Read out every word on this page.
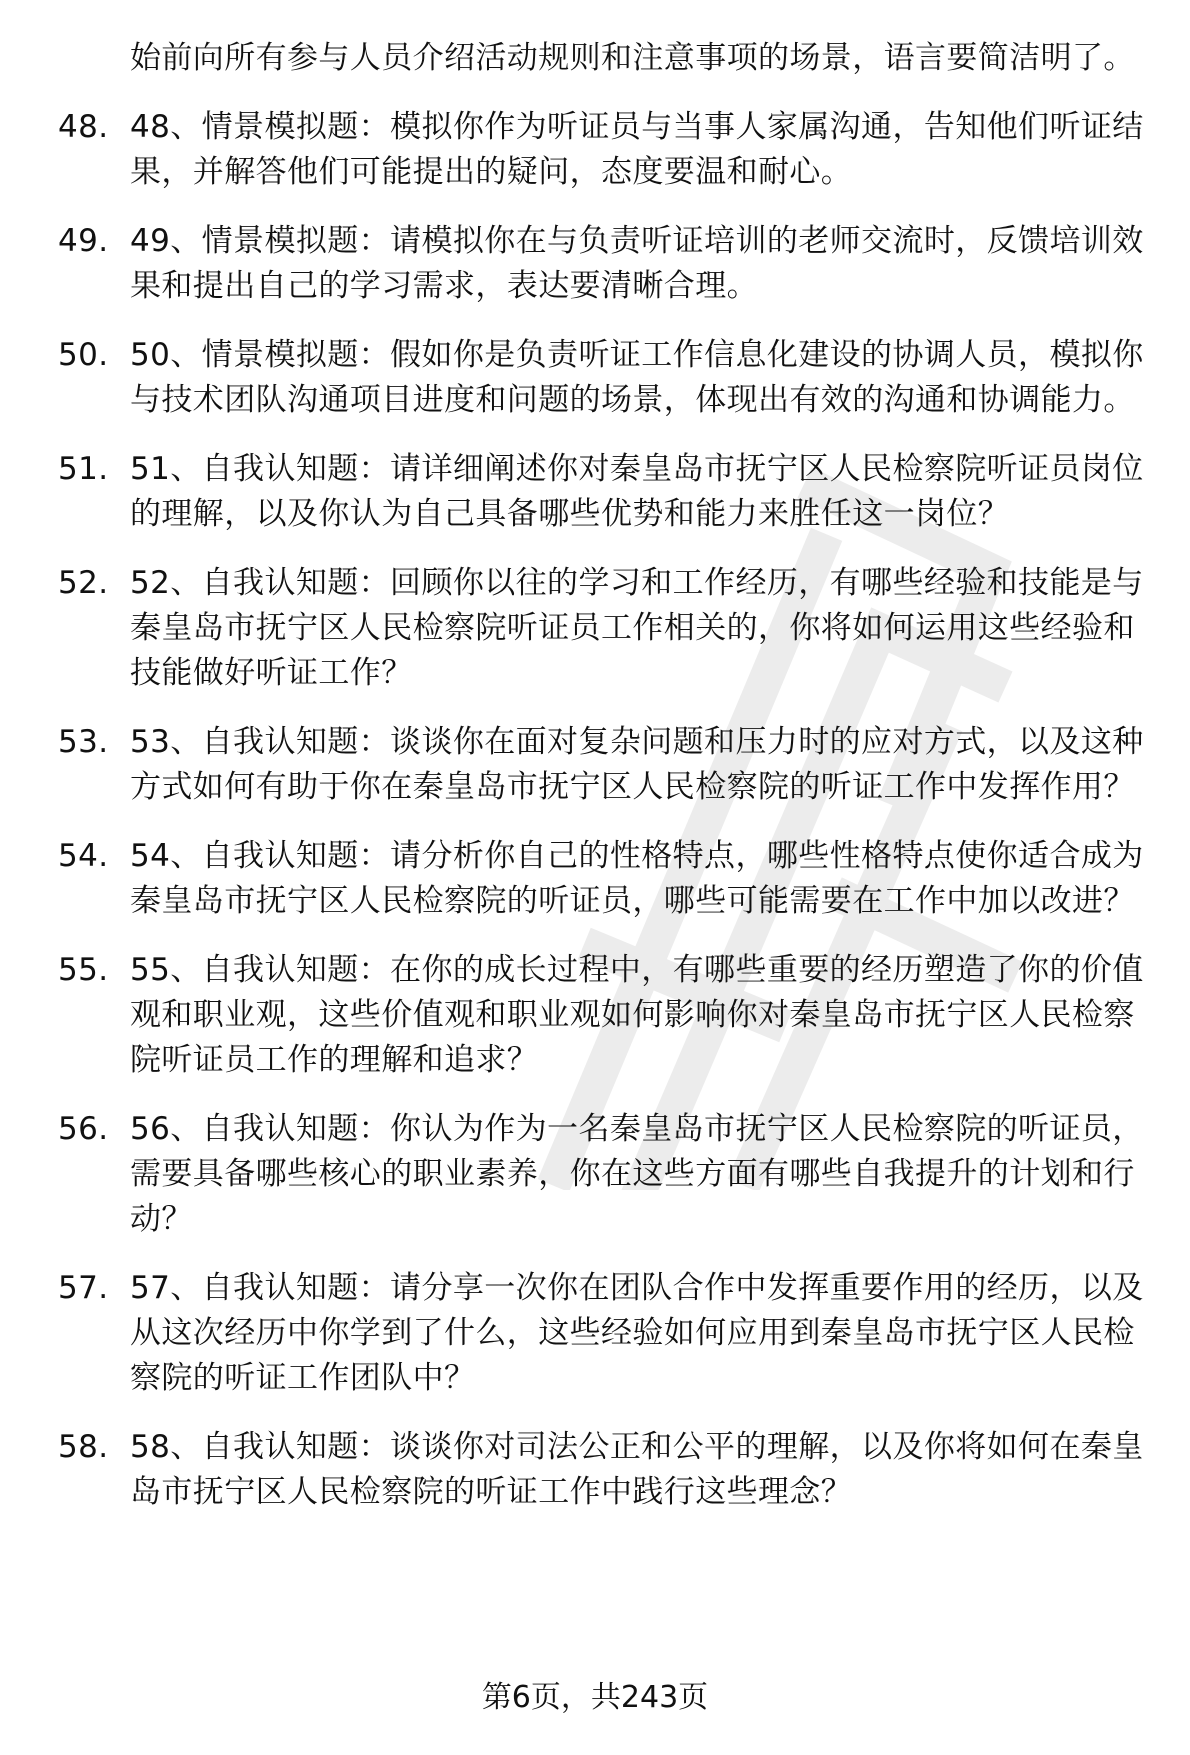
始前向所有参与人员介绍活动规则和注意事项的场景，语言要简洁明了。

48. 48、情景模拟题：模拟你作为听证员与当事人家属沟通，告知他们听证结果，并解答他们可能提出的疑问，态度要温和耐心。
49. 49、情景模拟题：请模拟你在与负责听证培训的老师交流时，反馈培训效果和提出自己的学习需求，表达要清晰合理。
50. 50、情景模拟题：假如你是负责听证工作信息化建设的协调人员，模拟你与技术团队沟通项目进度和问题的场景，体现出有效的沟通和协调能力。
51. 51、自我认知题：请详细阐述你对秦皇岛市抚宁区人民检察院听证员岗位的理解，以及你认为自己具备哪些优势和能力来胜任这一岗位？
52. 52、自我认知题：回顾你以往的学习和工作经历，有哪些经验和技能是与秦皇岛市抚宁区人民检察院听证员工作相关的，你将如何运用这些经验和技能做好听证工作？
53. 53、自我认知题：谈谈你在面对复杂问题和压力时的应对方式，以及这种方式如何有助于你在秦皇岛市抚宁区人民检察院的听证工作中发挥作用？
54. 54、自我认知题：请分析你自己的性格特点，哪些性格特点使你适合成为秦皇岛市抚宁区人民检察院的听证员，哪些可能需要在工作中加以改进？
55. 55、自我认知题：在你的成长过程中，有哪些重要的经历塑造了你的价值观和职业观，这些价值观和职业观如何影响你对秦皇岛市抚宁区人民检察院听证员工作的理解和追求？
56. 56、自我认知题：你认为作为一名秦皇岛市抚宁区人民检察院的听证员，需要具备哪些核心的职业素养，你在这些方面有哪些自我提升的计划和行动？
57. 57、自我认知题：请分享一次你在团队合作中发挥重要作用的经历，以及从这次经历中你学到了什么，这些经验如何应用到秦皇岛市抚宁区人民检察院的听证工作团队中？
58. 58、自我认知题：谈谈你对司法公正和公平的理解，以及你将如何在秦皇岛市抚宁区人民检察院的听证工作中践行这些理念？
第6页，共243页
